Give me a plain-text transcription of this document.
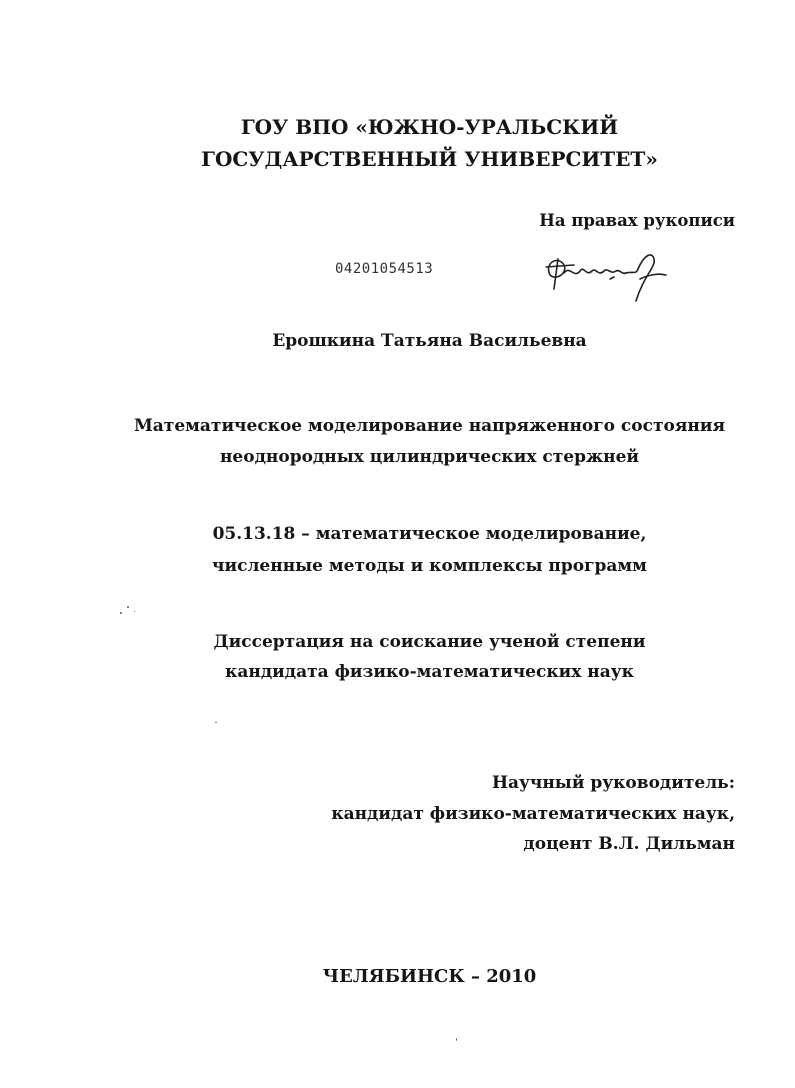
ГОУ ВПО «ЮЖНО-УРАЛЬСКИЙ
ГОСУДАРСТВЕННЫЙ УНИВЕРСИТЕТ»
На правах рукописи
04201054513
Ерошкина Татьяна Васильевна
Математическое моделирование напряженного состояния
неоднородных цилиндрических стержней
05.13.18 – математическое моделирование,
численные методы и комплексы программ
Диссертация на соискание ученой степени
кандидата физико-математических наук
Научный руководитель:
кандидат физико-математических наук,
доцент В.Л. Дильман
ЧЕЛЯБИНСК – 2010
